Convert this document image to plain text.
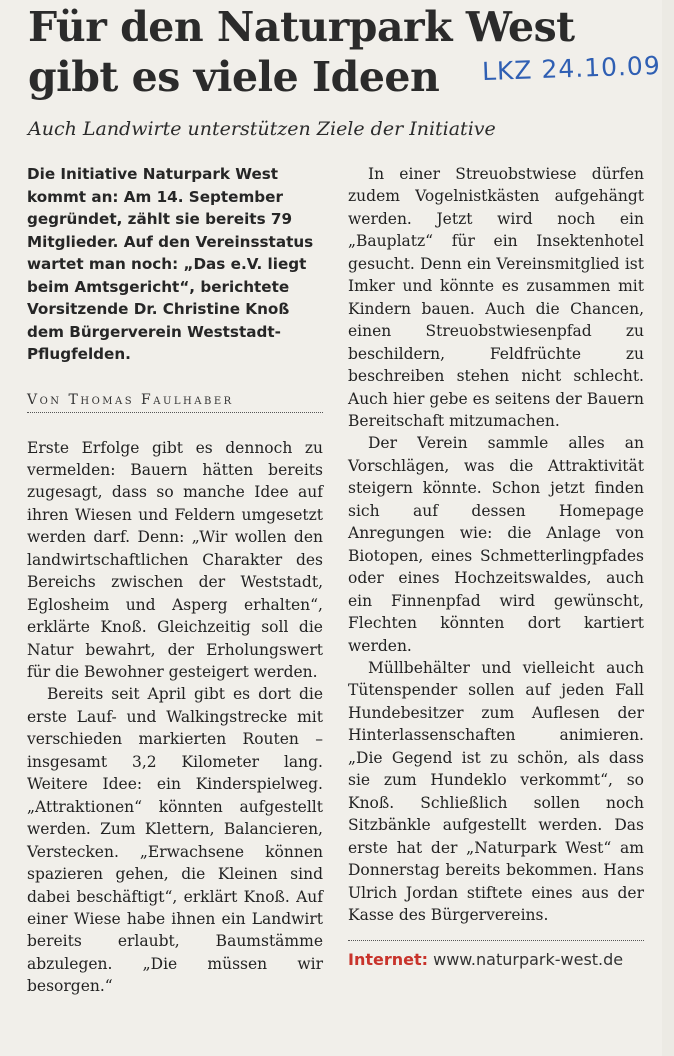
Für den Naturpark West
gibt es viele Ideen	LKZ 24.10.09
Auch Landwirte unterstützen Ziele der Initiative

Die Initiative Naturpark West kommt an: Am 14. September gegründet, zählt sie bereits 79 Mitglieder. Auf den Vereinsstatus wartet man noch: „Das e.V. liegt beim Amtsgericht“, berichtete Vorsitzende Dr. Christine Knoß dem Bürgerverein Weststadt-Pflugfelden.

Von Thomas Faulhaber

Erste Erfolge gibt es dennoch zu vermelden: Bauern hätten bereits zugesagt, dass so manche Idee auf ihren Wiesen und Feldern umgesetzt werden darf. Denn: „Wir wollen den landwirtschaftlichen Charakter des Bereichs zwischen der Weststadt, Eglosheim und Asperg erhalten“, erklärte Knoß. Gleichzeitig soll die Natur bewahrt, der Erholungswert für die Bewohner gesteigert werden.

Bereits seit April gibt es dort die erste Lauf- und Walkingstrecke mit verschieden markierten Routen – insgesamt 3,2 Kilometer lang. Weitere Idee: ein Kinderspielweg. „Attraktionen“ könnten aufgestellt werden. Zum Klettern, Balancieren, Verstecken. „Erwachsene können spazieren gehen, die Kleinen sind dabei beschäftigt“, erklärt Knoß. Auf einer Wiese habe ihnen ein Landwirt bereits erlaubt, Baumstämme abzulegen. „Die müssen wir besorgen.“

In einer Streuobstwiese dürfen zudem Vogelnistkästen aufgehängt werden. Jetzt wird noch ein „Bauplatz“ für ein Insektenhotel gesucht. Denn ein Vereinsmitglied ist Imker und könnte es zusammen mit Kindern bauen. Auch die Chancen, einen Streuobstwiesenpfad zu beschildern, Feldfrüchte zu beschreiben stehen nicht schlecht. Auch hier gebe es seitens der Bauern Bereitschaft mitzumachen.

Der Verein sammle alles an Vorschlägen, was die Attraktivität steigern könnte. Schon jetzt finden sich auf dessen Homepage Anregungen wie: die Anlage von Biotopen, eines Schmetterlingpfades oder eines Hochzeitswaldes, auch ein Finnenpfad wird gewünscht, Flechten könnten dort kartiert werden.

Müllbehälter und vielleicht auch Tütenspender sollen auf jeden Fall Hundebesitzer zum Auflesen der Hinterlassenschaften animieren. „Die Gegend ist zu schön, als dass sie zum Hundeklo verkommt“, so Knoß. Schließlich sollen noch Sitzbänkle aufgestellt werden. Das erste hat der „Naturpark West“ am Donnerstag bereits bekommen. Hans Ulrich Jordan stiftete eines aus der Kasse des Bürgervereins.

Internet: www.naturpark-west.de
